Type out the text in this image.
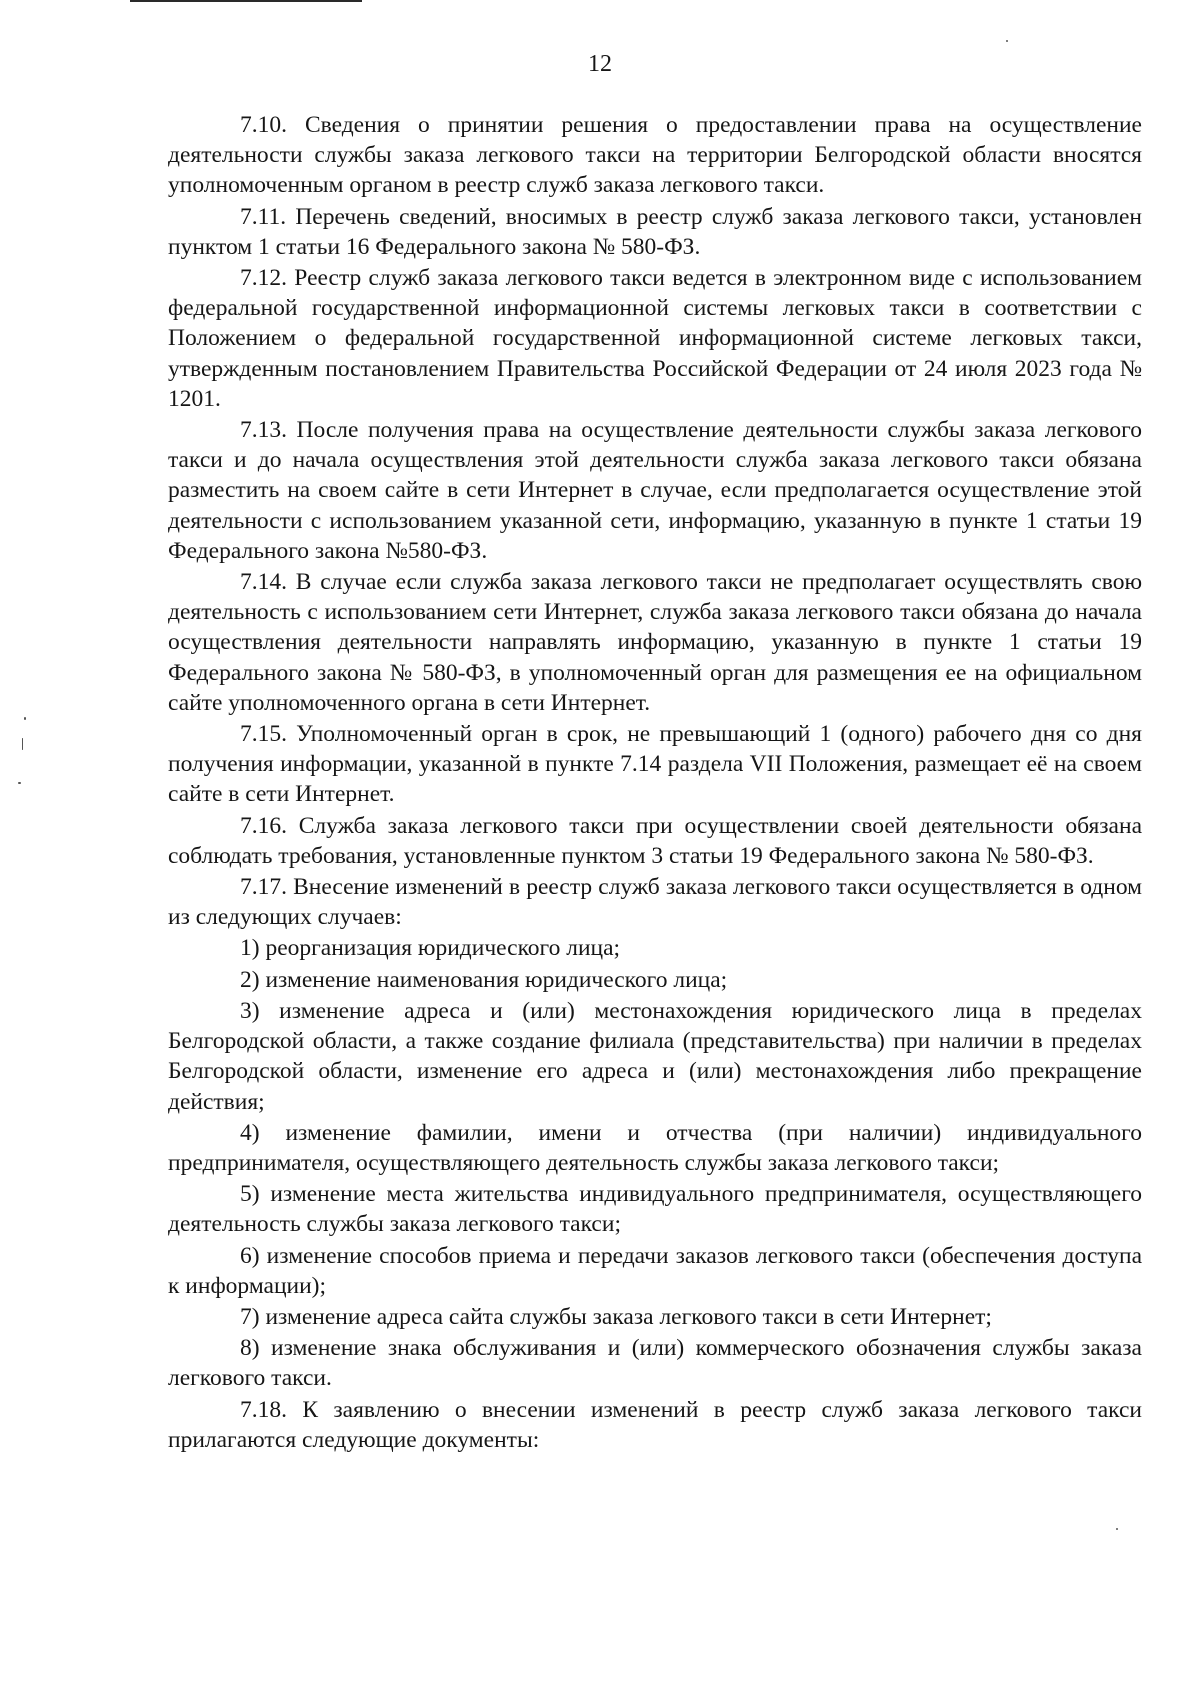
12

7.10. Сведения о принятии решения о предоставлении права на осуществление деятельности службы заказа легкового такси на территории Белгородской области вносятся уполномоченным органом в реестр служб заказа легкового такси.

7.11. Перечень сведений, вносимых в реестр служб заказа легкового такси, установлен пунктом 1 статьи 16 Федерального закона № 580-ФЗ.

7.12. Реестр служб заказа легкового такси ведется в электронном виде с использованием федеральной государственной информационной системы легковых такси в соответствии с Положением о федеральной государственной информационной системе легковых такси, утвержденным постановлением Правительства Российской Федерации от 24 июля 2023 года № 1201.

7.13. После получения права на осуществление деятельности службы заказа легкового такси и до начала осуществления этой деятельности служба заказа легкового такси обязана разместить на своем сайте в сети Интернет в случае, если предполагается осуществление этой деятельности с использованием указанной сети, информацию, указанную в пункте 1 статьи 19 Федерального закона №580-ФЗ.

7.14. В случае если служба заказа легкового такси не предполагает осуществлять свою деятельность с использованием сети Интернет, служба заказа легкового такси обязана до начала осуществления деятельности направлять информацию, указанную в пункте 1 статьи 19 Федерального закона № 580-ФЗ, в уполномоченный орган для размещения ее на официальном сайте уполномоченного органа в сети Интернет.

7.15. Уполномоченный орган в срок, не превышающий 1 (одного) рабочего дня со дня получения информации, указанной в пункте 7.14 раздела VII Положения, размещает её на своем сайте в сети Интернет.

7.16. Служба заказа легкового такси при осуществлении своей деятельности обязана соблюдать требования, установленные пунктом 3 статьи 19 Федерального закона № 580-ФЗ.

7.17. Внесение изменений в реестр служб заказа легкового такси осуществляется в одном из следующих случаев:

1) реорганизация юридического лица;

2) изменение наименования юридического лица;

3) изменение адреса и (или) местонахождения юридического лица в пределах Белгородской области, а также создание филиала (представительства) при наличии в пределах Белгородской области, изменение его адреса и (или) местонахождения либо прекращение действия;

4) изменение фамилии, имени и отчества (при наличии) индивидуального предпринимателя, осуществляющего деятельность службы заказа легкового такси;

5) изменение места жительства индивидуального предпринимателя, осуществляющего деятельность службы заказа легкового такси;

6) изменение способов приема и передачи заказов легкового такси (обеспечения доступа к информации);

7) изменение адреса сайта службы заказа легкового такси в сети Интернет;

8) изменение знака обслуживания и (или) коммерческого обозначения службы заказа легкового такси.

7.18. К заявлению о внесении изменений в реестр служб заказа легкового такси прилагаются следующие документы:
